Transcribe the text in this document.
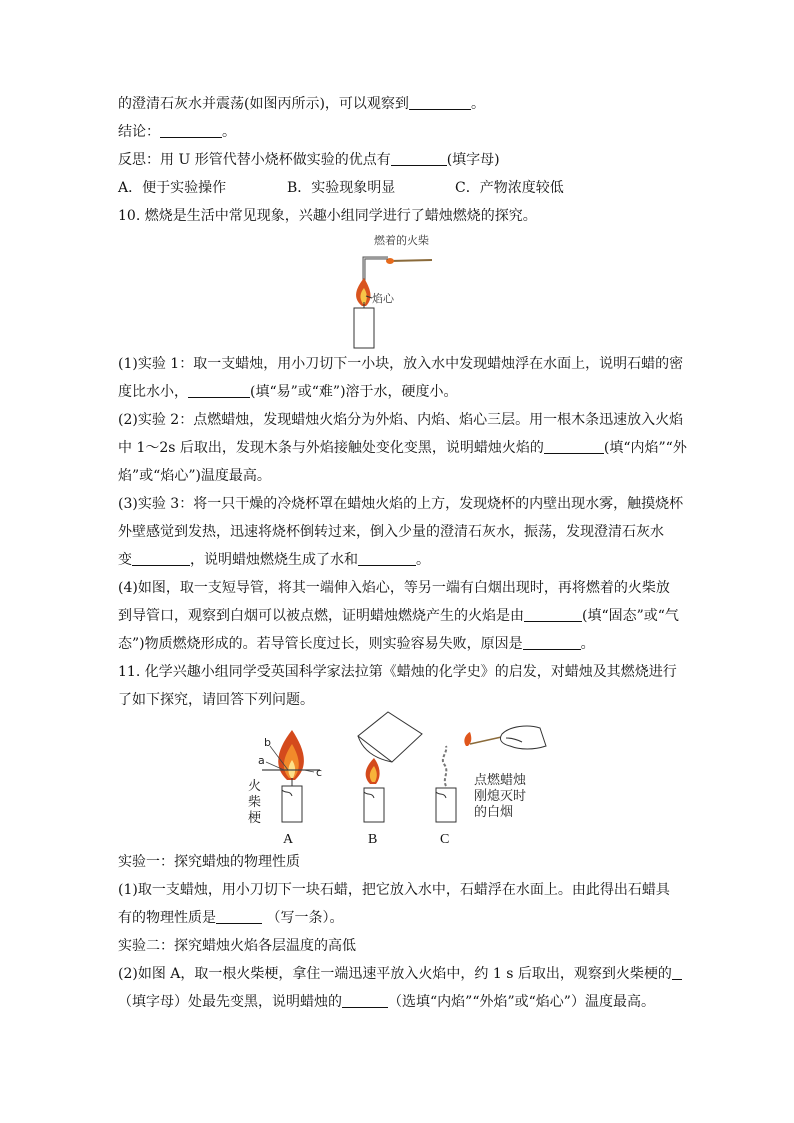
的澄清石灰水并震荡(如图丙所示)，可以观察到	。
结论：	。
反思：用 U 形管代替小烧杯做实验的优点有	(填字母)
A．便于实验操作	B．实验现象明显	C．产物浓度较低
10. 燃烧是生活中常见现象，兴趣小组同学进行了蜡烛燃烧的探究。
燃着的火柴
焰心
(1)实验 1：取一支蜡烛，用小刀切下一小块，放入水中发现蜡烛浮在水面上，说明石蜡的密
度比水小，	(填“易”或“难”)溶于水，硬度小。
(2)实验 2：点燃蜡烛，发现蜡烛火焰分为外焰、内焰、焰心三层。用一根木条迅速放入火焰
中 1～2s 后取出，发现木条与外焰接触处变化变黑，说明蜡烛火焰的	(填“内焰”“外
焰”或“焰心”)温度最高。
(3)实验 3：将一只干燥的冷烧杯罩在蜡烛火焰的上方，发现烧杯的内壁出现水雾，触摸烧杯
外壁感觉到发热，迅速将烧杯倒转过来，倒入少量的澄清石灰水，振荡，发现澄清石灰水
变	，说明蜡烛燃烧生成了水和	。
(4)如图，取一支短导管，将其一端伸入焰心，等另一端有白烟出现时，再将燃着的火柴放
到导管口，观察到白烟可以被点燃，证明蜡烛燃烧产生的火焰是由	(填“固态”或“气
态”)物质燃烧形成的。若导管长度过长，则实验容易失败，原因是	。
11. 化学兴趣小组同学受英国科学家法拉第《蜡烛的化学史》的启发，对蜡烛及其燃烧进行
了如下探究，请回答下列问题。
b
a
c
火
柴
梗
点燃蜡烛
刚熄灭时
的白烟
A	B	C
实验一：探究蜡烛的物理性质
(1)取一支蜡烛，用小刀切下一块石蜡，把它放入水中，石蜡浮在水面上。由此得出石蜡具
有的物理性质是	（写一条）。
实验二：探究蜡烛火焰各层温度的高低
(2)如图 A，取一根火柴梗，拿住一端迅速平放入火焰中，约 1 s 后取出，观察到火柴梗的
（填字母）处最先变黑，说明蜡烛的	（选填“内焰”“外焰”或“焰心”）温度最高。
